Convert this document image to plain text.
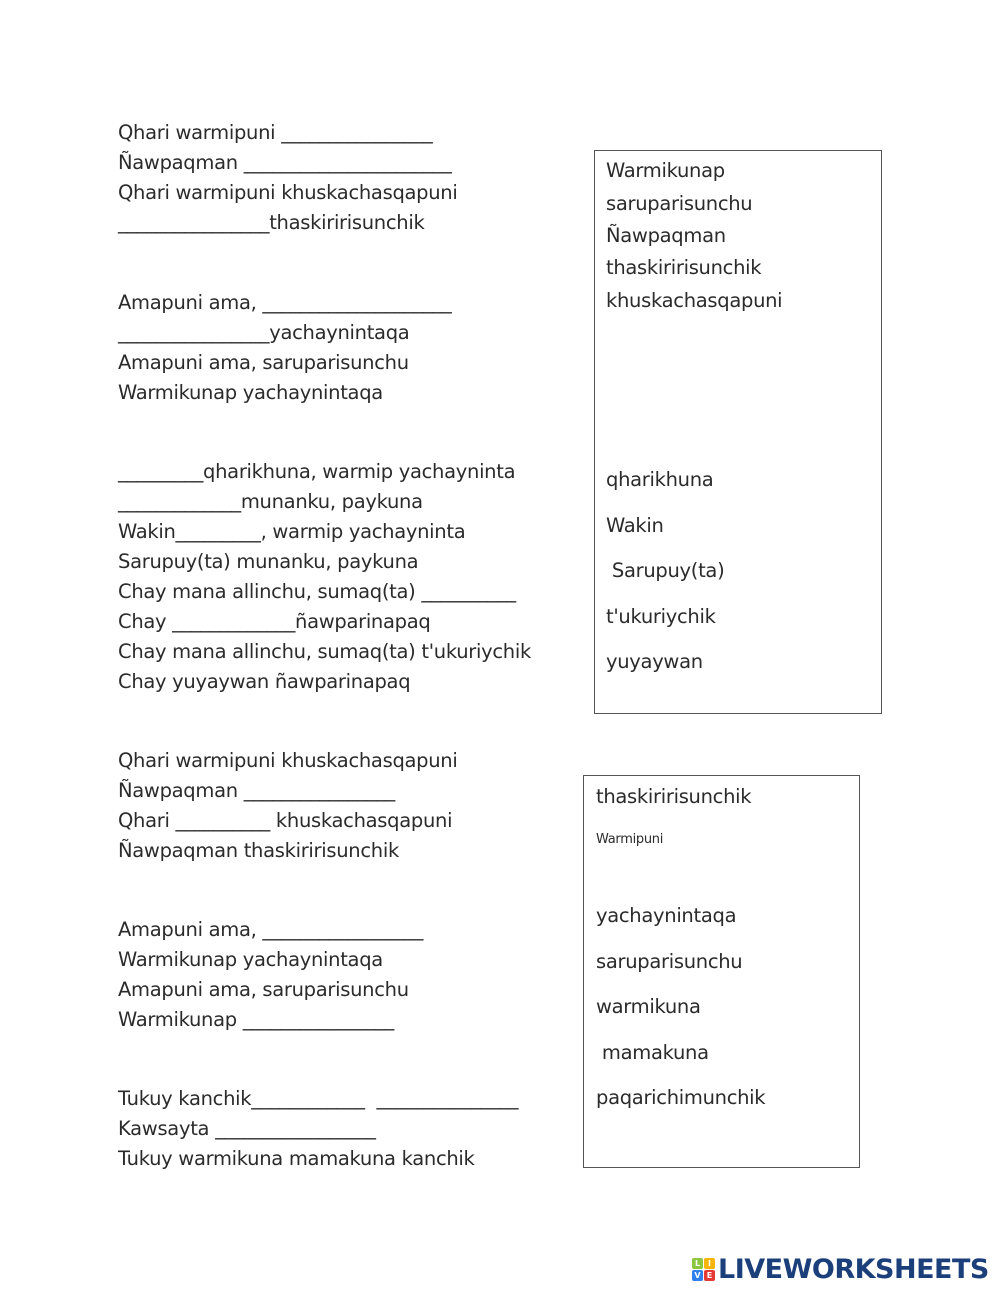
Qhari warmipuni ________________
Ñawpaqman ______________________
Qhari warmipuni khuskachasqapuni
________________thaskiririsunchik
Amapuni ama, ____________________
________________yachaynintaqa
Amapuni ama, saruparisunchu
Warmikunap yachaynintaqa
_________qharikhuna, warmip yachayninta
_____________munanku, paykuna
Wakin_________, warmip yachayninta
Sarupuy(ta) munanku, paykuna
Chay mana allinchu, sumaq(ta) __________
Chay _____________ñawparinapaq
Chay mana allinchu, sumaq(ta) t'ukuriychik
Chay yuyaywan ñawparinapaq
Qhari warmipuni khuskachasqapuni
Ñawpaqman ________________
Qhari __________ khuskachasqapuni
Ñawpaqman thaskiririsunchik
Amapuni ama, _________________
Warmikunap yachaynintaqa
Amapuni ama, saruparisunchu
Warmikunap ________________
Tukuy kanchik____________  _______________
Kawsayta _________________
Tukuy warmikuna mamakuna kanchik
Warmikunap
saruparisunchu
Ñawpaqman
thaskiririsunchik
khuskachasqapuni
qharikhuna
Wakin
Sarupuy(ta)
t'ukuriychik
yuyaywan
thaskiririsunchik
Warmipuni
yachaynintaqa
saruparisunchu
warmikuna
mamakuna
paqarichimunchik
L I
V E LIVEWORKSHEETS
